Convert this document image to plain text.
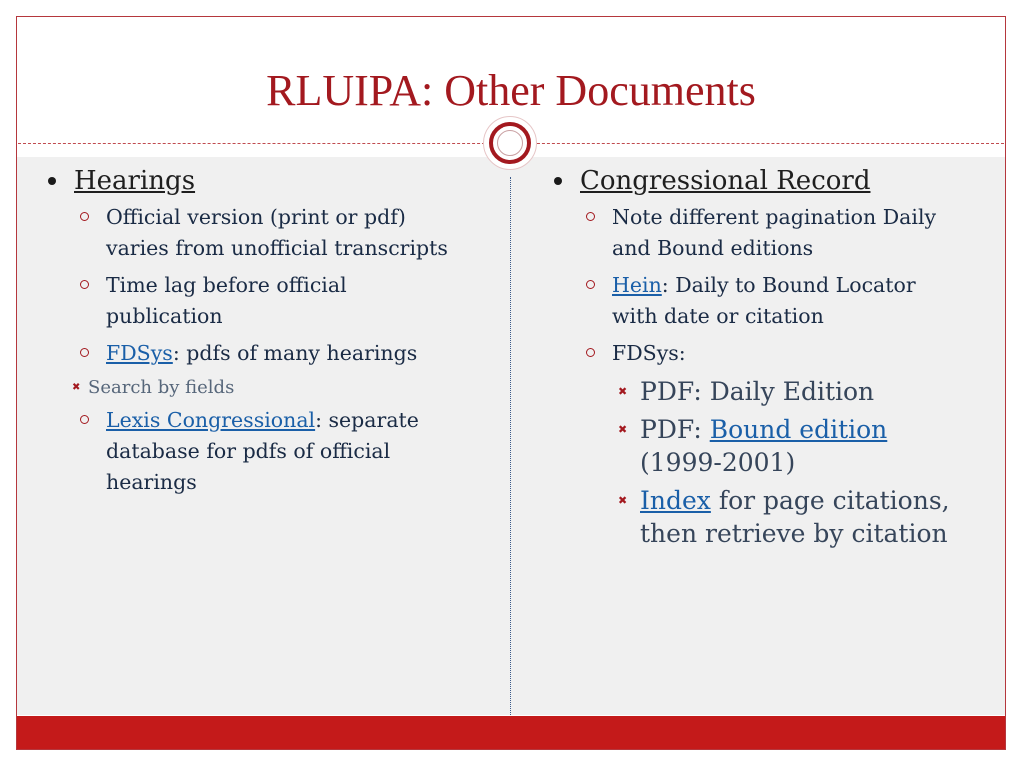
RLUIPA: Other Documents
Hearings
Official version (print or pdf) varies from unofficial transcripts
Time lag before official publication
FDSys: pdfs of many hearings
✖ Search by fields
Lexis Congressional: separate database for pdfs of official hearings
Congressional Record
Note different pagination Daily and Bound editions
Hein: Daily to Bound Locator with date or citation
FDSys:
✖ PDF: Daily Edition
✖ PDF: Bound edition (1999-2001)
✖ Index for page citations, then retrieve by citation
